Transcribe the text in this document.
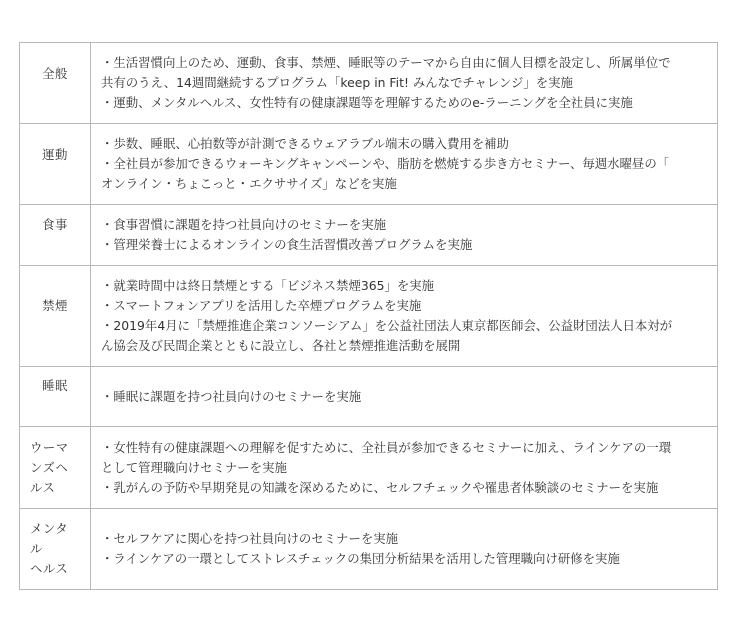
全般	・生活習慣向上のため、運動、食事、禁煙、睡眠等のテーマから自由に個人目標を設定し、所属単位で
共有のうえ、14週間継続するプログラム「keep in Fit! みんなでチャレンジ」を実施
・運動、メンタルヘルス、女性特有の健康課題等を理解するためのe-ラーニングを全社員に実施

運動	・歩数、睡眠、心拍数等が計測できるウェアラブル端末の購入費用を補助
・全社員が参加できるウォーキングキャンペーンや、脂肪を燃焼する歩き方セミナー、毎週水曜昼の「
オンライン・ちょこっと・エクササイズ」などを実施

食事	・食事習慣に課題を持つ社員向けのセミナーを実施
・管理栄養士によるオンラインの食生活習慣改善プログラムを実施

禁煙	・就業時間中は終日禁煙とする「ビジネス禁煙365」を実施
・スマートフォンアプリを活用した卒煙プログラムを実施
・2019年4月に「禁煙推進企業コンソーシアム」を公益社団法人東京都医師会、公益財団法人日本対が
ん協会及び民間企業とともに設立し、各社と禁煙推進活動を展開

睡眠	・睡眠に課題を持つ社員向けのセミナーを実施

ウーマ
ンズヘ
ルス	・女性特有の健康課題への理解を促すために、全社員が参加できるセミナーに加え、ラインケアの一環
として管理職向けセミナーを実施
・乳がんの予防や早期発見の知識を深めるために、セルフチェックや罹患者体験談のセミナーを実施

メンタ
ル
ヘルス	・セルフケアに関心を持つ社員向けのセミナーを実施
・ラインケアの一環としてストレスチェックの集団分析結果を活用した管理職向け研修を実施
